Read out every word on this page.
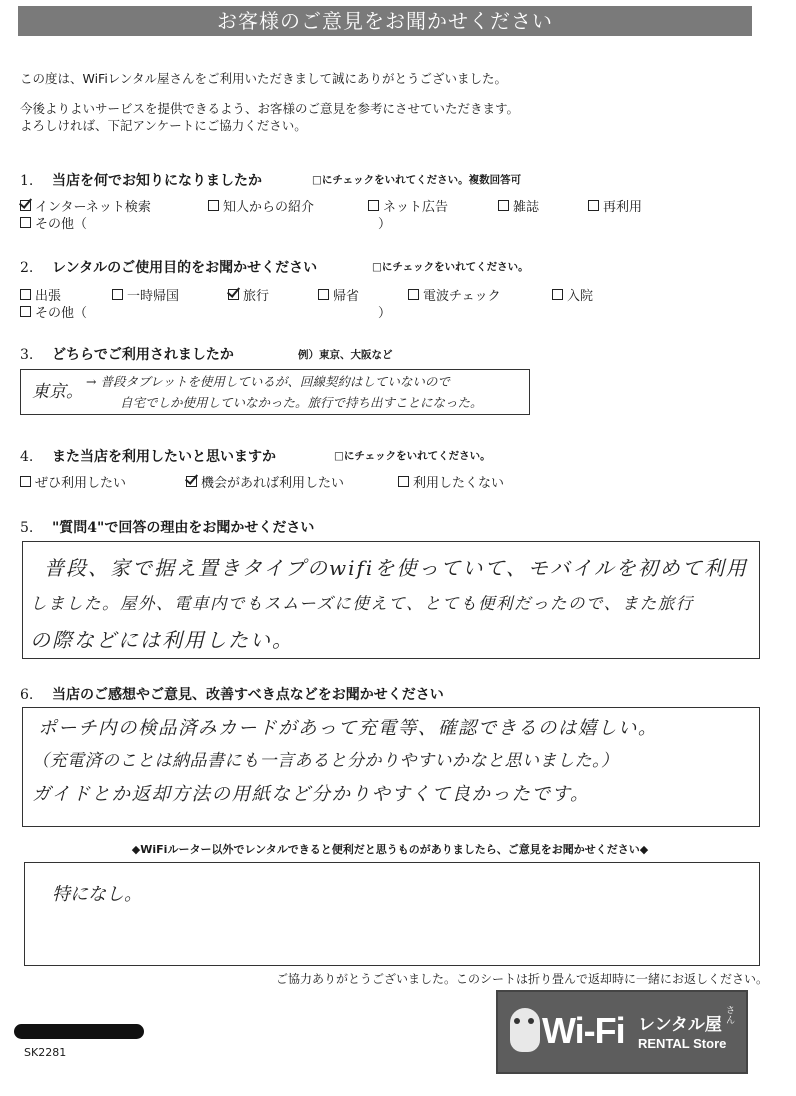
お客様のご意見をお聞かせください
この度は、WiFiレンタル屋さんをご利用いただきまして誠にありがとうございました。
今後よりよいサービスを提供できるよう、お客様のご意見を参考にさせていただきます。
よろしければ、下記アンケートにご協力ください。
1. 当店を何でお知りになりましたか	□にチェックをいれてください。複数回答可
インターネット検索	知人からの紹介	ネット広告	雑誌	再利用
その他（	）
2. レンタルのご使用目的をお聞かせください	□にチェックをいれてください。
出張	一時帰国	旅行	帰省	電波チェック	入院
その他（	）
3. どちらでご利用されましたか	例）東京、大阪など
東京。
→ 普段タブレットを使用しているが、回線契約はしていないので
自宅でしか使用していなかった。旅行で持ち出すことになった。
4. また当店を利用したいと思いますか	□にチェックをいれてください。
ぜひ利用したい	機会があれば利用したい	利用したくない
5. "質問4"で回答の理由をお聞かせください
普段、家で据え置きタイプのwifiを使っていて、モバイルを初めて利用
しました。屋外、電車内でもスムーズに使えて、とても便利だったので、また旅行
の際などには利用したい。
6. 当店のご感想やご意見、改善すべき点などをお聞かせください
ポーチ内の検品済みカードがあって充電等、確認できるのは嬉しい。
（充電済のことは納品書にも一言あると分かりやすいかなと思いました。）
ガイドとか返却方法の用紙など分かりやすくて良かったです。
◆WiFiルーター以外でレンタルできると便利だと思うものがありましたら、ご意見をお聞かせください◆
特になし。
ご協力ありがとうございました。このシートは折り畳んで返却時に一緒にお返しください。
SK2281
Wi-Fi レンタル屋
さん
RENTAL Store
